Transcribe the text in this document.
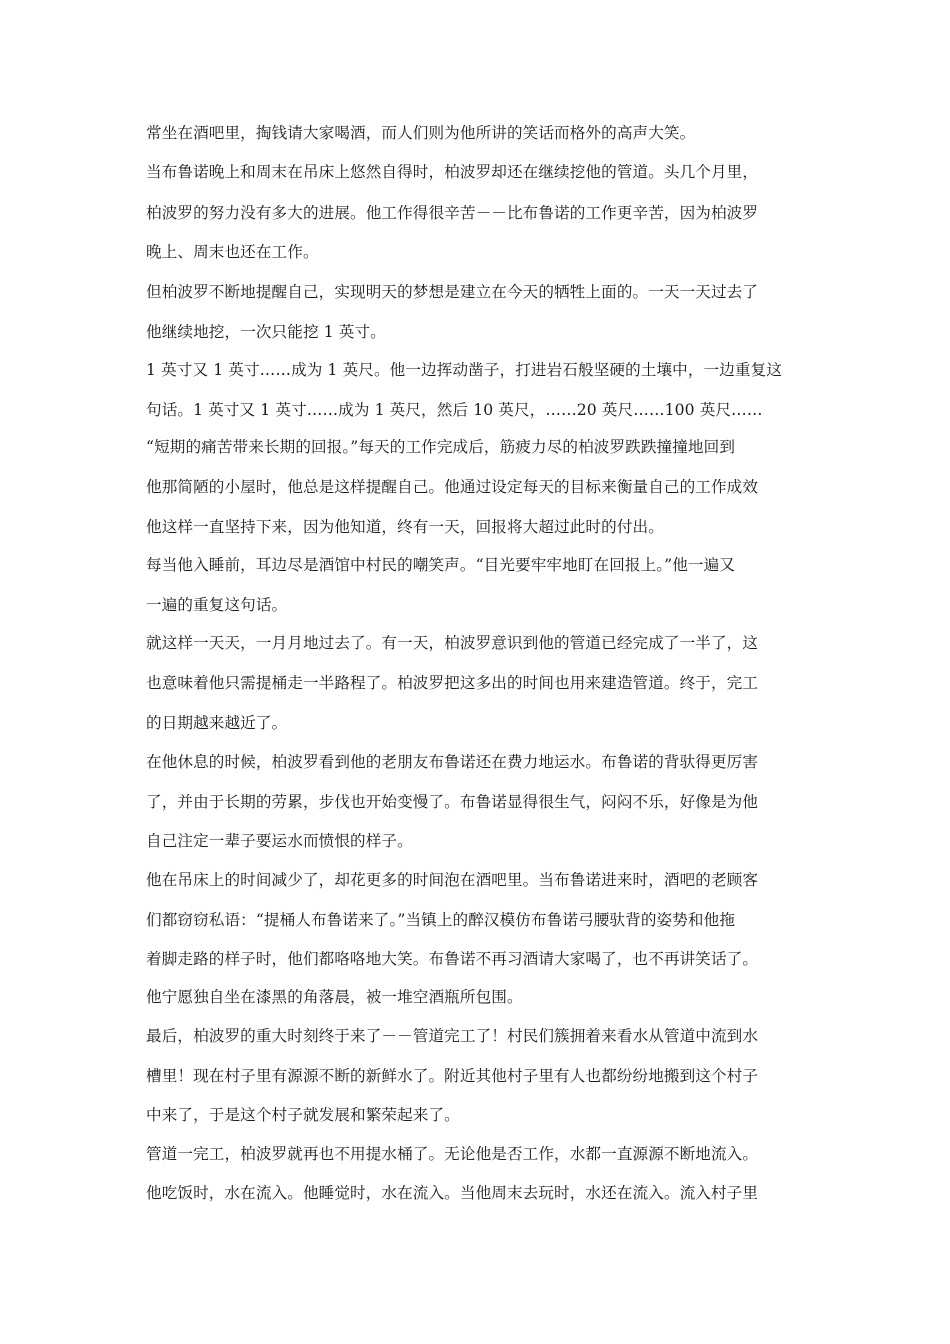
常坐在酒吧里，掏钱请大家喝酒，而人们则为他所讲的笑话而格外的高声大笑。
当布鲁诺晚上和周末在吊床上悠然自得时，柏波罗却还在继续挖他的管道。头几个月里，
柏波罗的努力没有多大的进展。他工作得很辛苦－－比布鲁诺的工作更辛苦，因为柏波罗
晚上、周末也还在工作。
但柏波罗不断地提醒自己，实现明天的梦想是建立在今天的牺牲上面的。一天一天过去了
他继续地挖，一次只能挖 1 英寸。
1 英寸又 1 英寸……成为 1 英尺。他一边挥动凿子，打进岩石般坚硬的土壤中，一边重复这
句话。1 英寸又 1 英寸……成为 1 英尺，然后 10 英尺，……20 英尺……100 英尺……
“短期的痛苦带来长期的回报。”每天的工作完成后，筋疲力尽的柏波罗跌跌撞撞地回到
他那简陋的小屋时，他总是这样提醒自己。他通过设定每天的目标来衡量自己的工作成效
他这样一直坚持下来，因为他知道，终有一天，回报将大超过此时的付出。
每当他入睡前，耳边尽是酒馆中村民的嘲笑声。“目光要牢牢地盯在回报上。”他一遍又
一遍的重复这句话。
就这样一天天，一月月地过去了。有一天，柏波罗意识到他的管道已经完成了一半了，这
也意味着他只需提桶走一半路程了。柏波罗把这多出的时间也用来建造管道。终于，完工
的日期越来越近了。
在他休息的时候，柏波罗看到他的老朋友布鲁诺还在费力地运水。布鲁诺的背驮得更厉害
了，并由于长期的劳累，步伐也开始变慢了。布鲁诺显得很生气，闷闷不乐，好像是为他
自己注定一辈子要运水而愤恨的样子。
他在吊床上的时间减少了，却花更多的时间泡在酒吧里。当布鲁诺进来时，酒吧的老顾客
们都窃窃私语：“提桶人布鲁诺来了。”当镇上的醉汉模仿布鲁诺弓腰驮背的姿势和他拖
着脚走路的样子时，他们都咯咯地大笑。布鲁诺不再习酒请大家喝了，也不再讲笑话了。
他宁愿独自坐在漆黑的角落晨，被一堆空酒瓶所包围。
最后，柏波罗的重大时刻终于来了－－管道完工了！村民们簇拥着来看水从管道中流到水
槽里！现在村子里有源源不断的新鲜水了。附近其他村子里有人也都纷纷地搬到这个村子
中来了，于是这个村子就发展和繁荣起来了。
管道一完工，柏波罗就再也不用提水桶了。无论他是否工作，水都一直源源不断地流入。
他吃饭时，水在流入。他睡觉时，水在流入。当他周末去玩时，水还在流入。流入村子里
